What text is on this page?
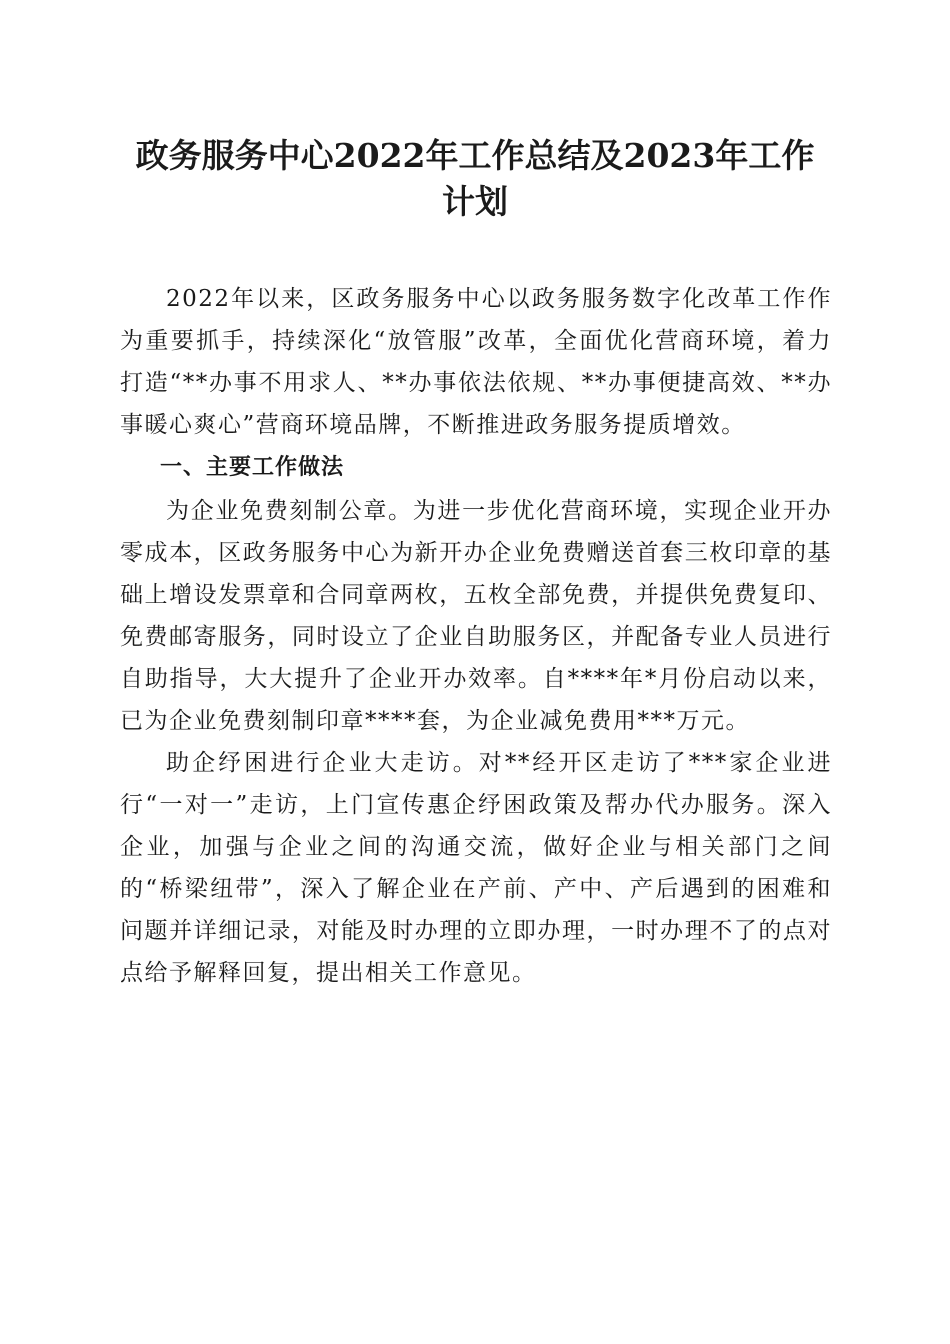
政务服务中心2022年工作总结及2023年工作
计划

2022年以来，区政务服务中心以政务服务数字化改革工作作为重要抓手，持续深化“放管服”改革，全面优化营商环境，着力打造“**办事不用求人、**办事依法依规、**办事便捷高效、**办事暖心爽心”营商环境品牌，不断推进政务服务提质增效。

一、主要工作做法

为企业免费刻制公章。为进一步优化营商环境，实现企业开办零成本，区政务服务中心为新开办企业免费赠送首套三枚印章的基础上增设发票章和合同章两枚，五枚全部免费，并提供免费复印、免费邮寄服务，同时设立了企业自助服务区，并配备专业人员进行自助指导，大大提升了企业开办效率。自****年*月份启动以来，已为企业免费刻制印章****套，为企业减免费用***万元。

助企纾困进行企业大走访。对**经开区走访了***家企业进行“一对一”走访，上门宣传惠企纾困政策及帮办代办服务。深入企业，加强与企业之间的沟通交流，做好企业与相关部门之间的“桥梁纽带”，深入了解企业在产前、产中、产后遇到的困难和问题并详细记录，对能及时办理的立即办理，一时办理不了的点对点给予解释回复，提出相关工作意见。
